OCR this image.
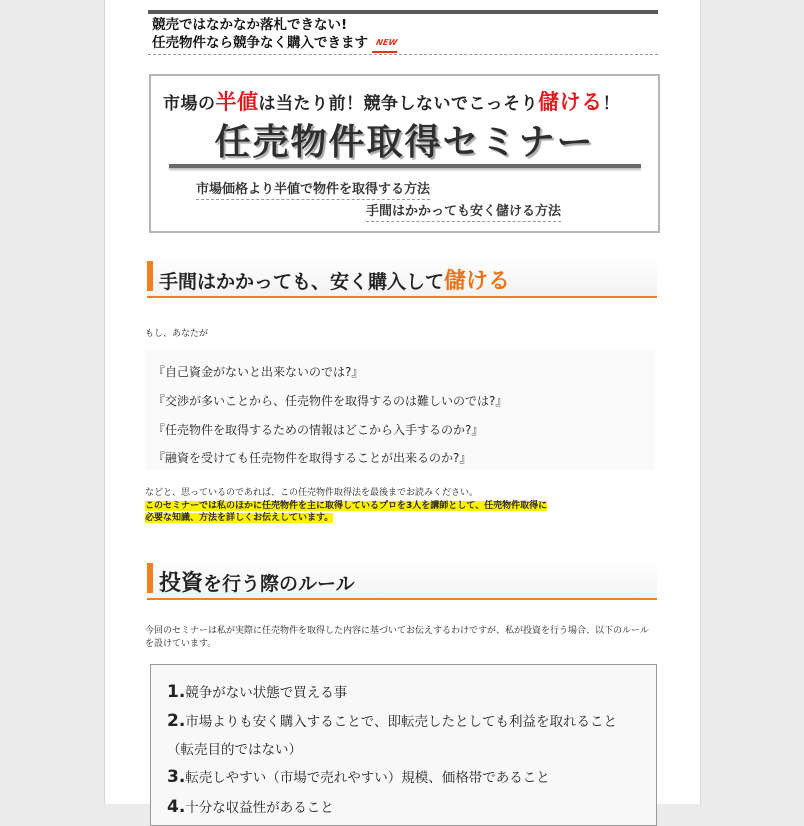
競売ではなかなか落札できない!
任売物件なら競争なく購入できます NEW
市場の半値は当たり前！競争しないでこっそり儲ける！
任売物件取得セミナー
市場価格より半値で物件を取得する方法
手間はかかっても安く儲ける方法
手間はかかっても、安く購入して儲ける
もし、あなたが
『自己資金がないと出来ないのでは?』
『交渉が多いことから、任売物件を取得するのは難しいのでは?』
『任売物件を取得するための情報はどこから入手するのか?』
『融資を受けても任売物件を取得することが出来るのか?』
などと、思っているのであれば、この任売物件取得法を最後までお読みください。
このセミナーでは私のほかに任売物件を主に取得しているプロを3人を講師として、任売物件取得に
必要な知識、方法を詳しくお伝えしています。
投資を行う際のルール
今回のセミナーは私が実際に任売物件を取得した内容に基づいてお伝えするわけですが、私が投資を行う場合、以下のルールを設けています。
1.競争がない状態で買える事
2.市場よりも安く購入することで、即転売したとしても利益を取れること
（転売目的ではない）
3.転売しやすい（市場で売れやすい）規模、価格帯であること
4.十分な収益性があること
